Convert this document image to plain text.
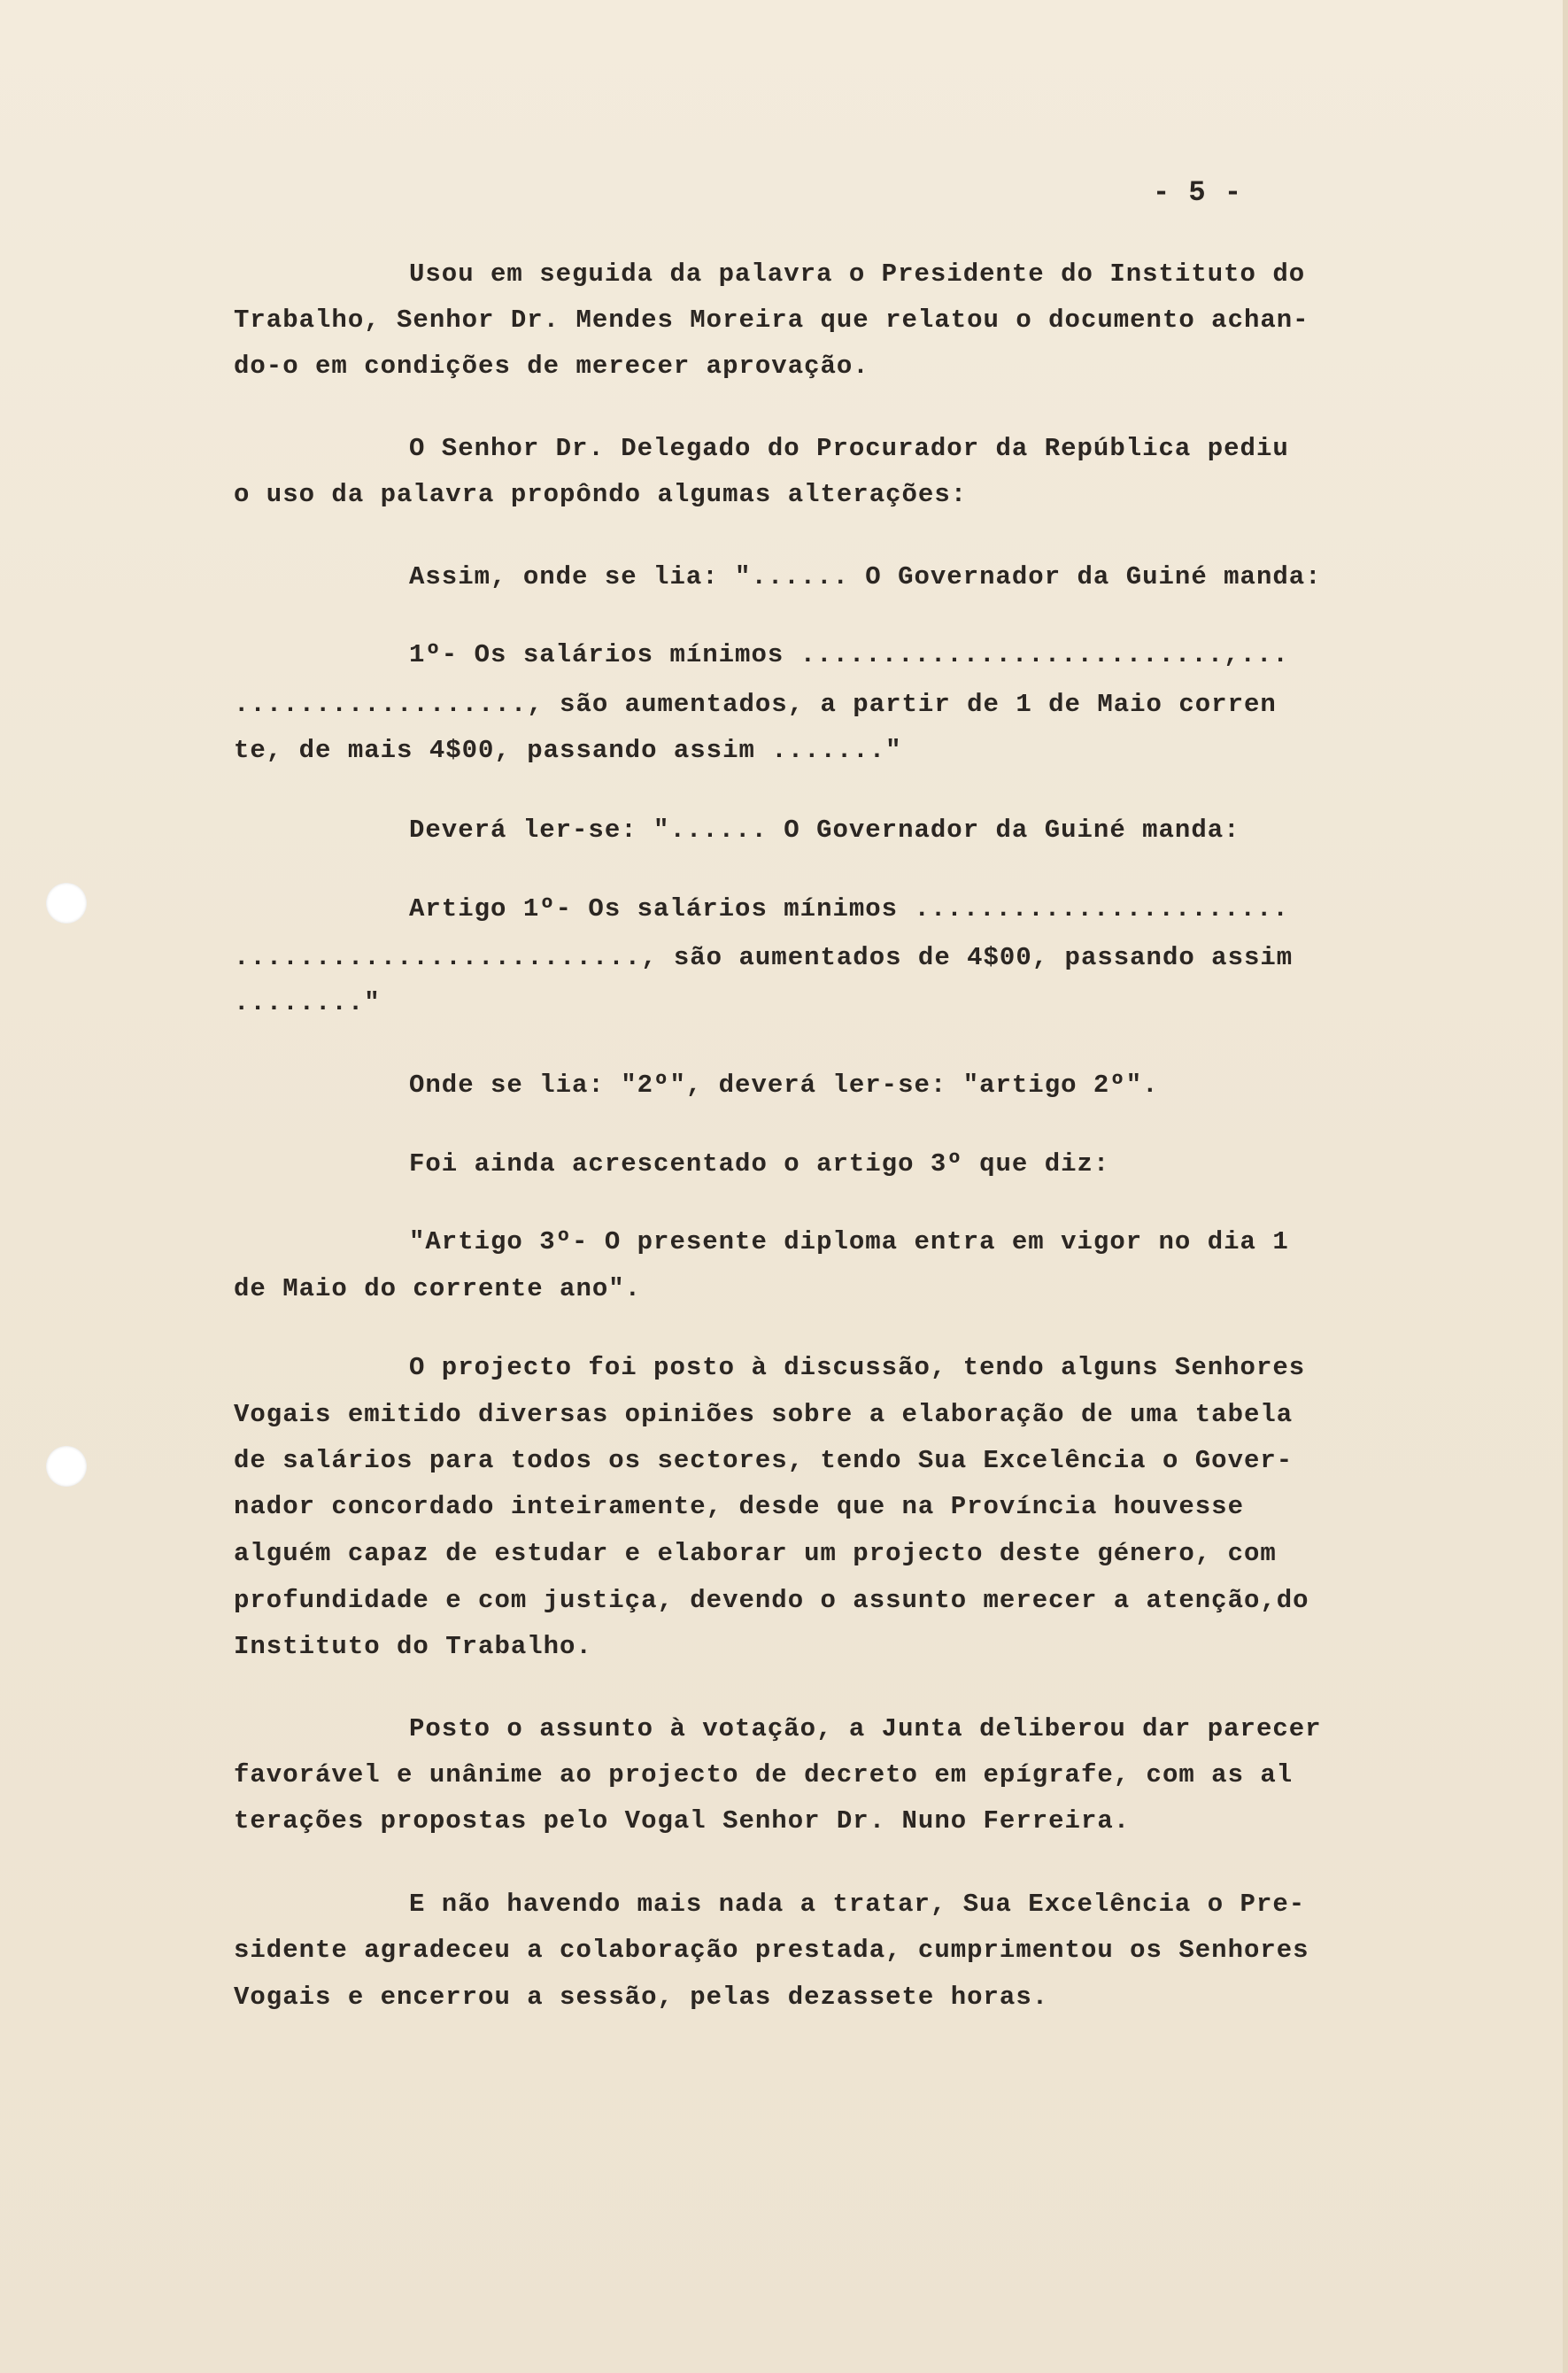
- 5 -

Usou em seguida da palavra o Presidente do Instituto do

Trabalho, Senhor Dr. Mendes Moreira que relatou o documento achan-

do-o em condições de merecer aprovação.

O Senhor Dr. Delegado do Procurador da República pediu

o uso da palavra propôndo algumas alterações:

Assim, onde se lia: "...... O Governador da Guiné manda:

1º- Os salários mínimos ..........................,...

.................., são aumentados, a partir de 1 de Maio corren

te, de mais 4$00, passando assim ......."

Deverá ler-se: "...... O Governador da Guiné manda:

Artigo 1º- Os salários mínimos .......................

........................., são aumentados de 4$00, passando assim

........"

Onde se lia: "2º", deverá ler-se: "artigo 2º".

Foi ainda acrescentado o artigo 3º que diz:

"Artigo 3º- O presente diploma entra em vigor no dia 1

de Maio do corrente ano".

O projecto foi posto à discussão, tendo alguns Senhores

Vogais emitido diversas opiniões sobre a elaboração de uma tabela

de salários para todos os sectores, tendo Sua Excelência o Gover-

nador concordado inteiramente, desde que na Província houvesse

alguém capaz de estudar e elaborar um projecto deste género, com

profundidade e com justiça, devendo o assunto merecer a atenção,do

Instituto do Trabalho.

Posto o assunto à votação, a Junta deliberou dar parecer

favorável e unânime ao projecto de decreto em epígrafe, com as al

terações propostas pelo Vogal Senhor Dr. Nuno Ferreira.

E não havendo mais nada a tratar, Sua Excelência o Pre-

sidente agradeceu a colaboração prestada, cumprimentou os Senhores

Vogais e encerrou a sessão, pelas dezassete horas.
